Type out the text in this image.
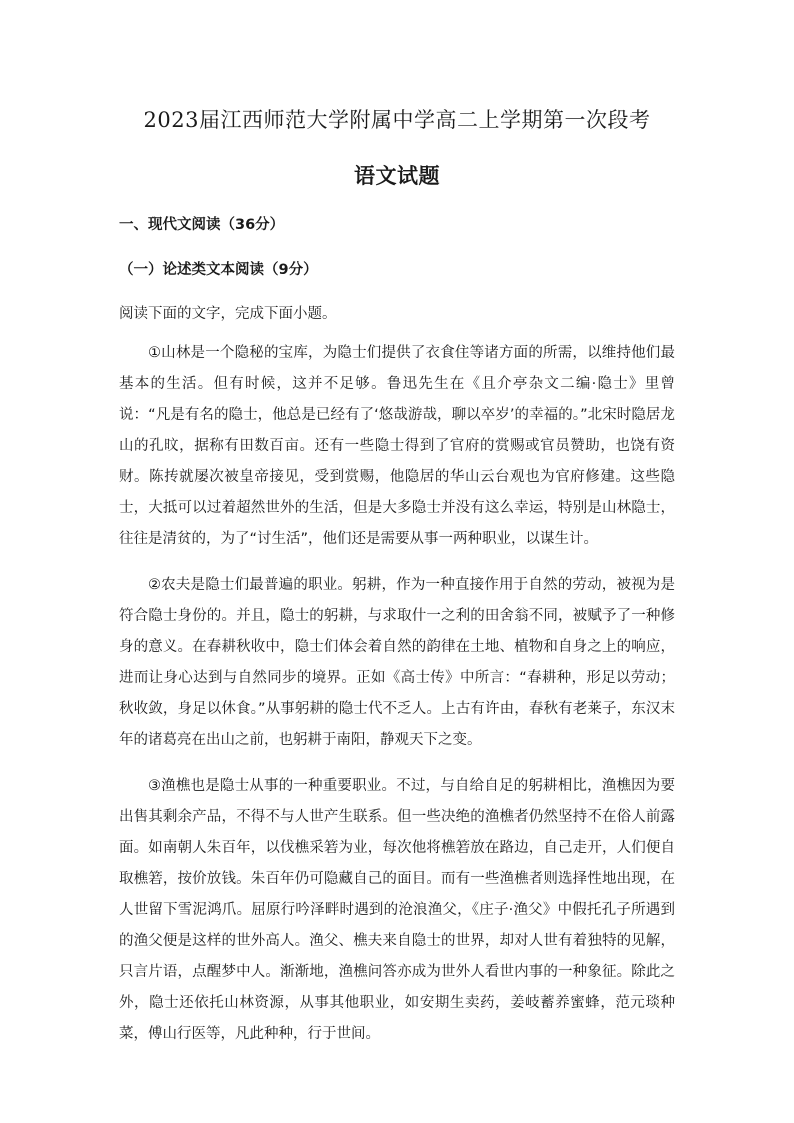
2023届江西师范大学附属中学高二上学期第一次段考
语文试题
一、现代文阅读（36分）
（一）论述类文本阅读（9分）
阅读下面的文字，完成下面小题。
①山林是一个隐秘的宝库，为隐士们提供了衣食住等诸方面的所需，以维持他们最基本的生活。但有时候，这并不足够。鲁迅先生在《且介亭杂文二编·隐士》里曾说：“凡是有名的隐士，他总是已经有了‘悠哉游哉，聊以卒岁’的幸福的。”北宋时隐居龙山的孔旼，据称有田数百亩。还有一些隐士得到了官府的赏赐或官员赞助，也饶有资财。陈抟就屡次被皇帝接见，受到赏赐，他隐居的华山云台观也为官府修建。这些隐士，大抵可以过着超然世外的生活，但是大多隐士并没有这么幸运，特别是山林隐士，往往是清贫的，为了“讨生活”，他们还是需要从事一两种职业，以谋生计。
②农夫是隐士们最普遍的职业。躬耕，作为一种直接作用于自然的劳动，被视为是符合隐士身份的。并且，隐士的躬耕，与求取什一之利的田舍翁不同，被赋予了一种修身的意义。在春耕秋收中，隐士们体会着自然的韵律在土地、植物和自身之上的响应，进而让身心达到与自然同步的境界。正如《高士传》中所言：“春耕种，形足以劳动；秋收敛，身足以休食。”从事躬耕的隐士代不乏人。上古有许由，春秋有老莱子，东汉末年的诸葛亮在出山之前，也躬耕于南阳，静观天下之变。
③渔樵也是隐士从事的一种重要职业。不过，与自给自足的躬耕相比，渔樵因为要出售其剩余产品，不得不与人世产生联系。但一些决绝的渔樵者仍然坚持不在俗人前露面。如南朝人朱百年，以伐樵采箬为业，每次他将樵箬放在路边，自己走开，人们便自取樵箬，按价放钱。朱百年仍可隐藏自己的面目。而有一些渔樵者则选择性地出现，在人世留下雪泥鸿爪。屈原行吟泽畔时遇到的沧浪渔父，《庄子·渔父》中假托孔子所遇到的渔父便是这样的世外高人。渔父、樵夫来自隐士的世界，却对人世有着独特的见解，只言片语，点醒梦中人。渐渐地，渔樵问答亦成为世外人看世内事的一种象征。除此之外，隐士还依托山林资源，从事其他职业，如安期生卖药，姜岐蓄养蜜蜂，范元琰种菜，傅山行医等，凡此种种，行于世间。
